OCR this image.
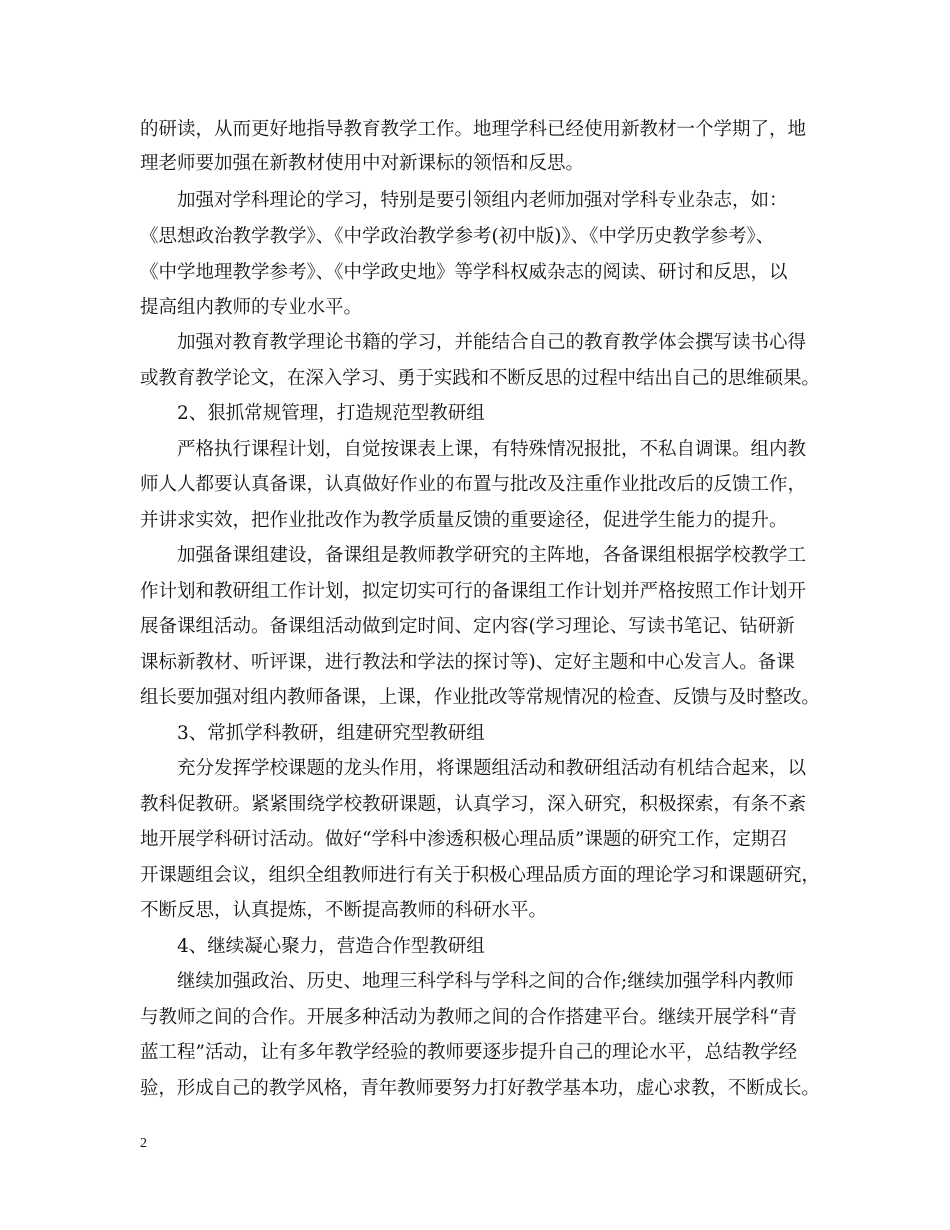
的研读，从而更好地指导教育教学工作。地理学科已经使用新教材一个学期了，地
理老师要加强在新教材使用中对新课标的领悟和反思。
加强对学科理论的学习，特别是要引领组内老师加强对学科专业杂志，如：
《思想政治教学教学》、《中学政治教学参考(初中版)》、《中学历史教学参考》、
《中学地理教学参考》、《中学政史地》等学科权威杂志的阅读、研讨和反思，以
提高组内教师的专业水平。
加强对教育教学理论书籍的学习，并能结合自己的教育教学体会撰写读书心得
或教育教学论文，在深入学习、勇于实践和不断反思的过程中结出自己的思维硕果。
2、狠抓常规管理，打造规范型教研组
严格执行课程计划，自觉按课表上课，有特殊情况报批，不私自调课。组内教
师人人都要认真备课，认真做好作业的布置与批改及注重作业批改后的反馈工作，
并讲求实效，把作业批改作为教学质量反馈的重要途径，促进学生能力的提升。
加强备课组建设，备课组是教师教学研究的主阵地，各备课组根据学校教学工
作计划和教研组工作计划，拟定切实可行的备课组工作计划并严格按照工作计划开
展备课组活动。备课组活动做到定时间、定内容(学习理论、写读书笔记、钻研新
课标新教材、听评课，进行教法和学法的探讨等)、定好主题和中心发言人。备课
组长要加强对组内教师备课，上课，作业批改等常规情况的检查、反馈与及时整改。
3、常抓学科教研，组建研究型教研组
充分发挥学校课题的龙头作用，将课题组活动和教研组活动有机结合起来，以
教科促教研。紧紧围绕学校教研课题，认真学习，深入研究，积极探索，有条不紊
地开展学科研讨活动。做好“学科中渗透积极心理品质”课题的研究工作，定期召
开课题组会议，组织全组教师进行有关于积极心理品质方面的理论学习和课题研究，
不断反思，认真提炼，不断提高教师的科研水平。
4、继续凝心聚力，营造合作型教研组
继续加强政治、历史、地理三科学科与学科之间的合作;继续加强学科内教师
与教师之间的合作。开展多种活动为教师之间的合作搭建平台。继续开展学科“青
蓝工程”活动，让有多年教学经验的教师要逐步提升自己的理论水平，总结教学经
验，形成自己的教学风格，青年教师要努力打好教学基本功，虚心求教，不断成长。
2
